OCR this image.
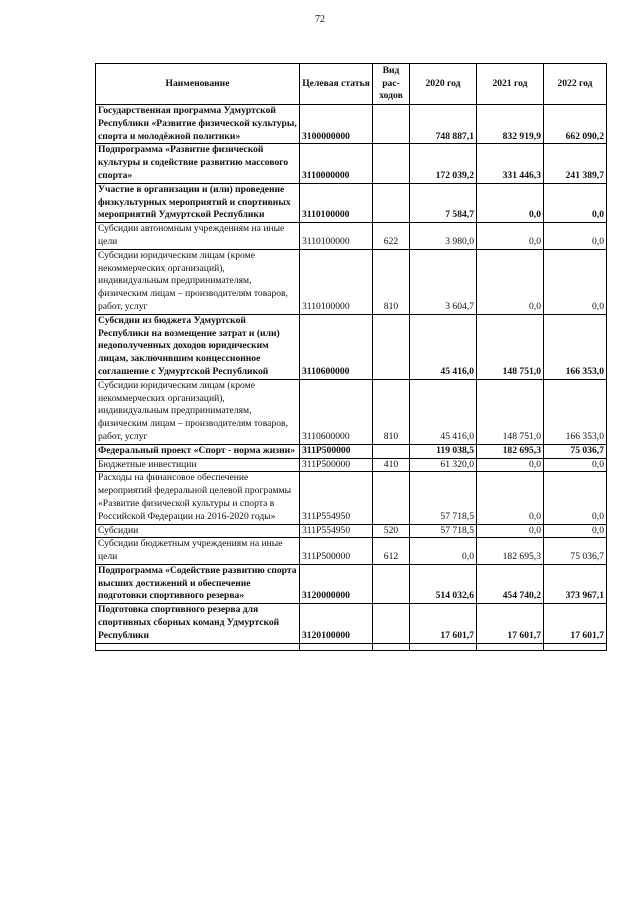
72
Наименование	Целевая статья	Вид рас-ходов	2020 год	2021 год	2022 год
Государственная программа Удмуртской Республики «Развитие физической культуры, спорта и молодёжной политики»	3100000000		748 887,1	832 919,9	662 090,2
Подпрограмма «Развитие физической культуры и содействие развитию массового спорта»	3110000000		172 039,2	331 446,3	241 389,7
Участие в организации и (или) проведение физкультурных мероприятий и спортивных мероприятий Удмуртской Республики	3110100000		7 584,7	0,0	0,0
Субсидии автономным учреждениям на иные цели	3110100000	622	3 980,0	0,0	0,0
Субсидии юридическим лицам (кроме некоммерческих организаций), индивидуальным предпринимателям, физическим лицам – производителям товаров, работ, услуг	3110100000	810	3 604,7	0,0	0,0
Субсидии из бюджета Удмуртской Республики на возмещение затрат и (или) недополученных доходов юридическим лицам, заключившим концессионное соглашение с Удмуртской Республикой	3110600000		45 416,0	148 751,0	166 353,0
Субсидии юридическим лицам (кроме некоммерческих организаций), индивидуальным предпринимателям, физическим лицам – производителям товаров, работ, услуг	3110600000	810	45 416,0	148 751,0	166 353,0
Федеральный проект «Спорт - норма жизни»	311P500000		119 038,5	182 695,3	75 036,7
Бюджетные инвестиции	311P500000	410	61 320,0	0,0	0,0
Расходы на финансовое обеспечение мероприятий федеральной целевой программы «Развитие физической культуры и спорта в Российской Федерации на 2016-2020 годы»	311P554950		57 718,5	0,0	0,0
Субсидии	311P554950	520	57 718,5	0,0	0,0
Субсидии бюджетным учреждениям на иные цели	311P500000	612	0,0	182 695,3	75 036,7
Подпрограмма «Содействие развитию спорта высших достижений и обеспечение подготовки спортивного резерва»	3120000000		514 032,6	454 740,2	373 967,1
Подготовка спортивного резерва для спортивных сборных команд Удмуртской Республики	3120100000		17 601,7	17 601,7	17 601,7
